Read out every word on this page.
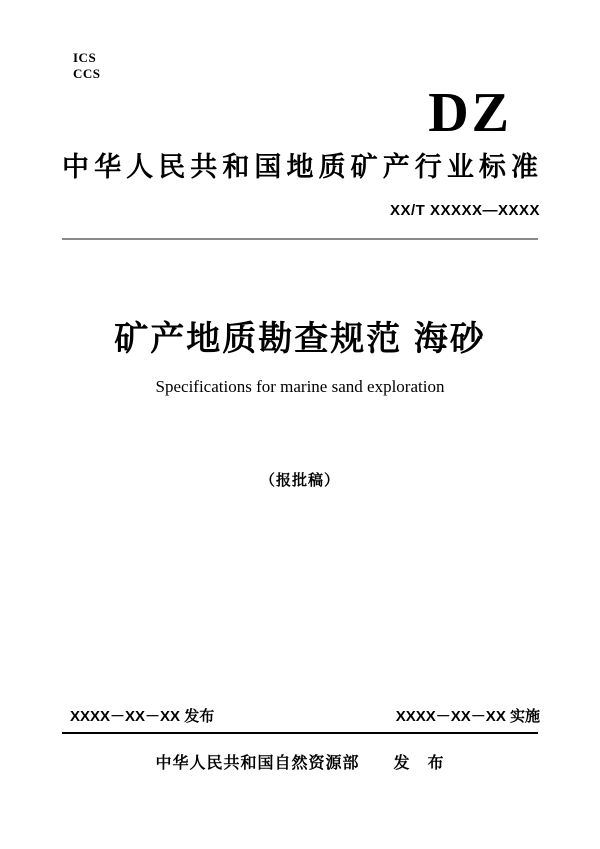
ICS
CCS
DZ
中华人民共和国地质矿产行业标准
XX/T XXXXX—XXXX
矿产地质勘查规范 海砂
Specifications for marine sand exploration
（报批稿）
XXXX－XX－XX 发布	XXXX－XX－XX 实施
中华人民共和国自然资源部　　发　布
